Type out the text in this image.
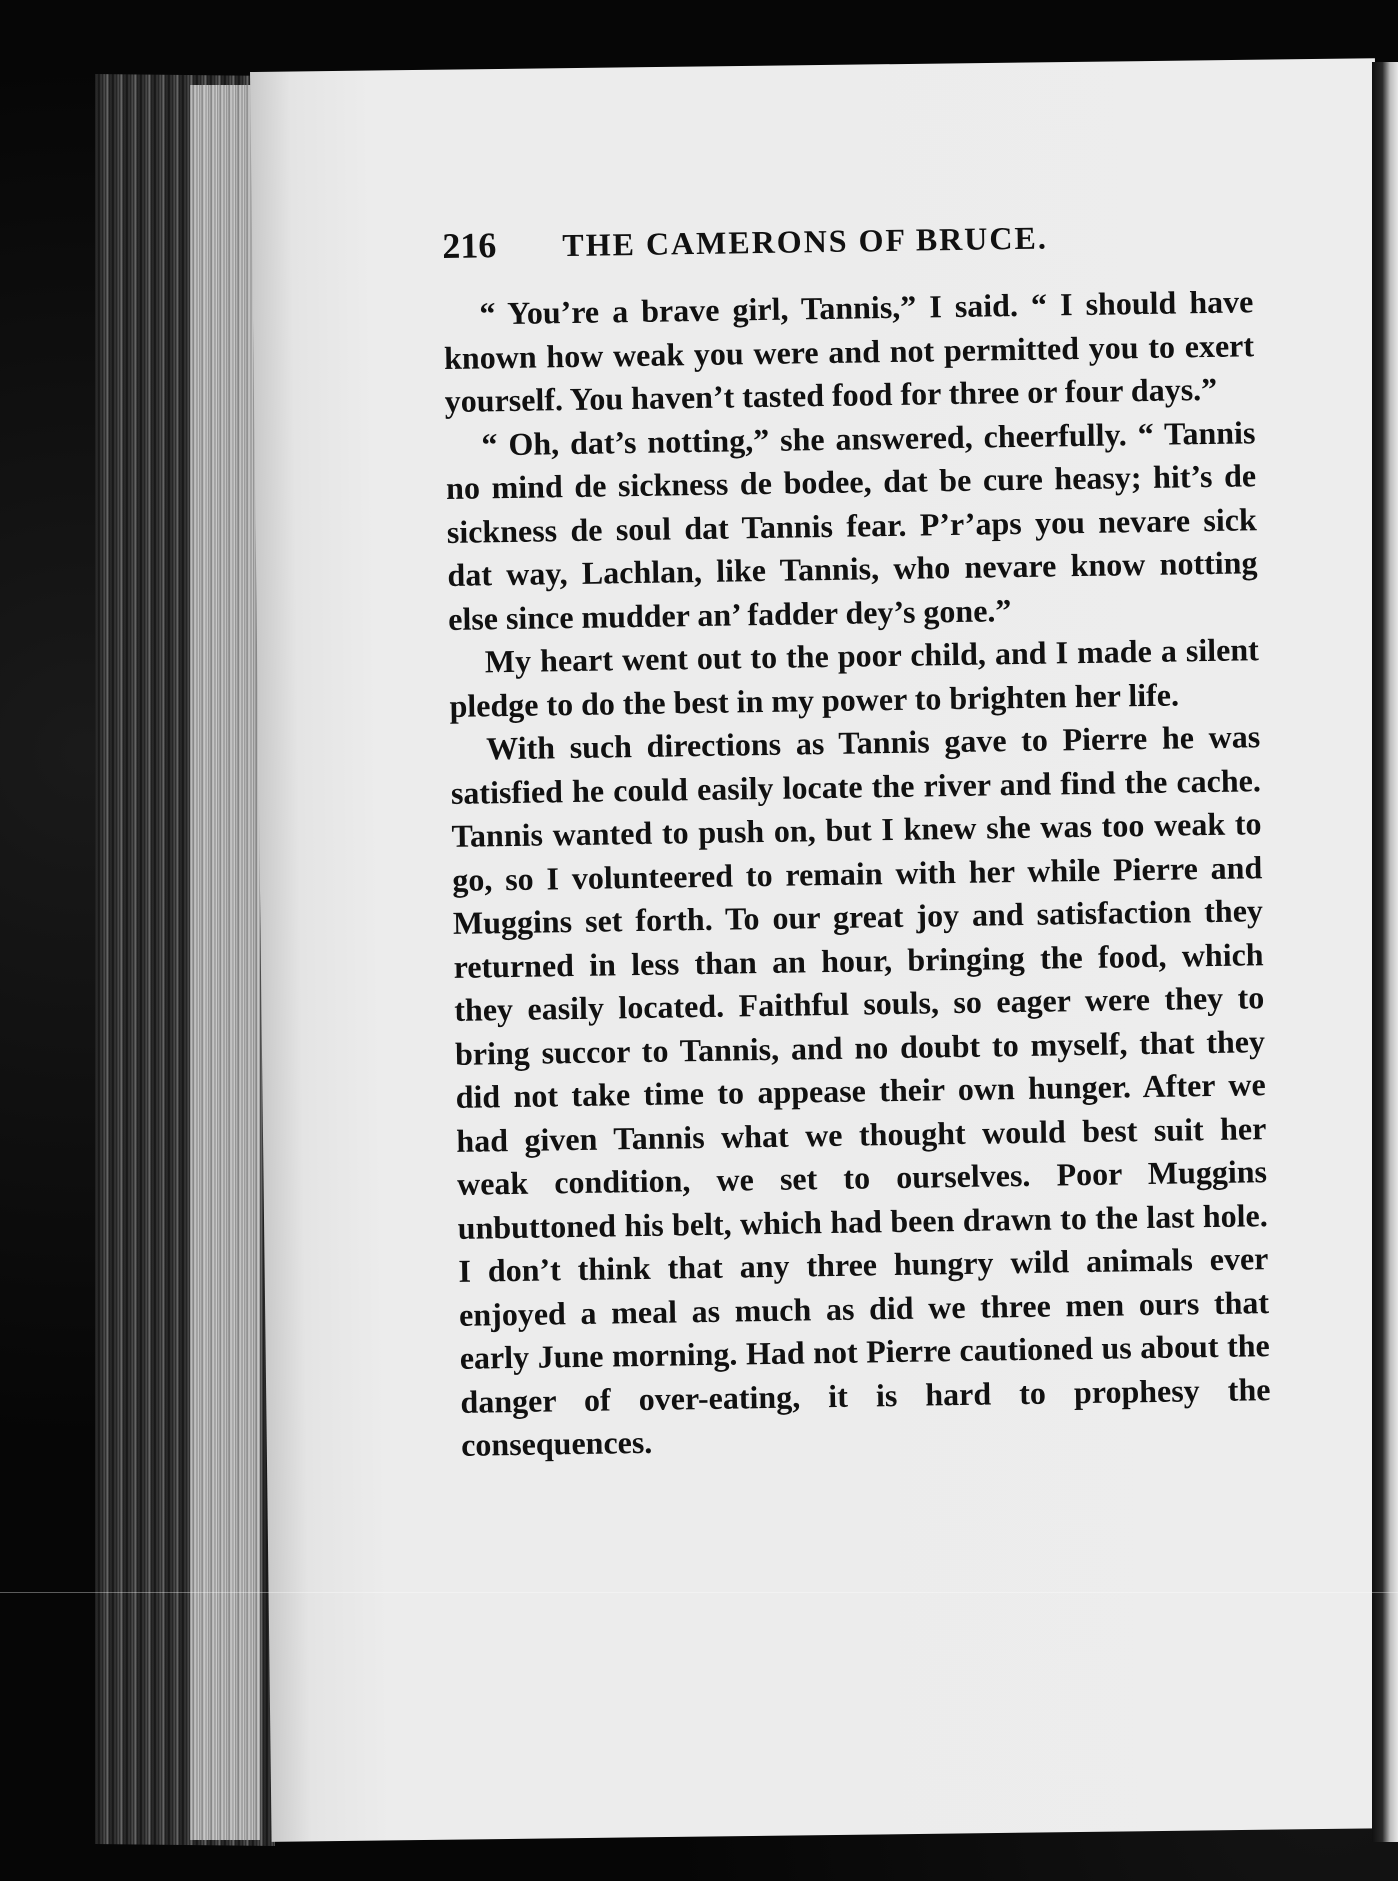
216	THE CAMERONS OF BRUCE.

“ You’re a brave girl, Tannis,” I said. “ I should have known how weak you were and not permitted you to exert yourself. You haven’t tasted food for three or four days.”

“ Oh, dat’s notting,” she answered, cheerfully. “ Tannis no mind de sickness de bodee, dat be cure heasy; hit’s de sickness de soul dat Tannis fear. P’r’aps you nevare sick dat way, Lachlan, like Tannis, who nevare know notting else since mudder an’ fadder dey’s gone.”

My heart went out to the poor child, and I made a silent pledge to do the best in my power to brighten her life.

With such directions as Tannis gave to Pierre he was satisfied he could easily locate the river and find the cache. Tannis wanted to push on, but I knew she was too weak to go, so I volunteered to remain with her while Pierre and Muggins set forth. To our great joy and satisfaction they returned in less than an hour, bringing the food, which they easily located. Faithful souls, so eager were they to bring succor to Tannis, and no doubt to myself, that they did not take time to appease their own hunger. After we had given Tannis what we thought would best suit her weak condition, we set to ourselves. Poor Muggins unbuttoned his belt, which had been drawn to the last hole. I don’t think that any three hungry wild animals ever enjoyed a meal as much as did we three men ours that early June morning. Had not Pierre cautioned us about the danger of over-eating, it is hard to prophesy the consequences.
